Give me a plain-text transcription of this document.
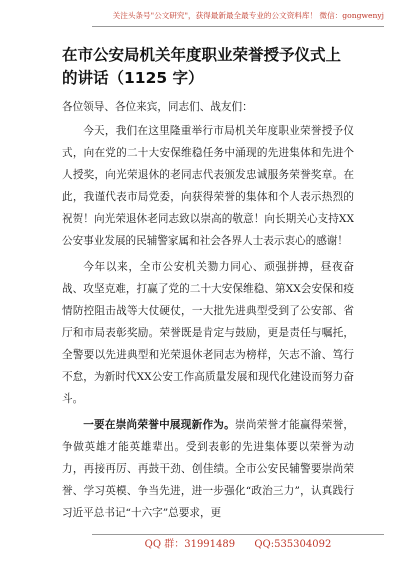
关注头条号"公文研究"，获得最新最全最专业的公文资料库！ 微信：gongwenyj
在市公安局机关年度职业荣誉授予仪式上的讲话（1125 字）

各位领导、各位来宾，同志们、战友们：

今天，我们在这里隆重举行市局机关年度职业荣誉授予仪式，向在党的二十大安保维稳任务中涌现的先进集体和先进个人授奖，向光荣退休的老同志代表颁发忠诚服务荣誉奖章。在此，我谨代表市局党委，向获得荣誉的集体和个人表示热烈的祝贺！向光荣退休老同志致以崇高的敬意！向长期关心支持XX公安事业发展的民辅警家属和社会各界人士表示衷心的感谢！

今年以来，全市公安机关勠力同心、顽强拼搏，昼夜奋战、攻坚克难，打赢了党的二十大安保维稳、第XX会安保和疫情防控阻击战等大仗硬仗，一大批先进典型受到了公安部、省厅和市局表彰奖励。荣誉既是肯定与鼓励，更是责任与嘱托，全警要以先进典型和光荣退休老同志为榜样，矢志不渝、笃行不怠，为新时代XX公安工作高质量发展和现代化建设而努力奋斗。

一要在崇尚荣誉中展现新作为。崇尚荣誉才能赢得荣誉，争做英雄才能英雄辈出。受到表彰的先进集体要以荣誉为动力，再接再厉、再鼓干劲、创佳绩。全市公安民辅警要崇尚荣誉、学习英模、争当先进，进一步强化“政治三力”，认真践行习近平总书记“十六字”总要求，更

QQ 群：31991489 QQ:535304092
